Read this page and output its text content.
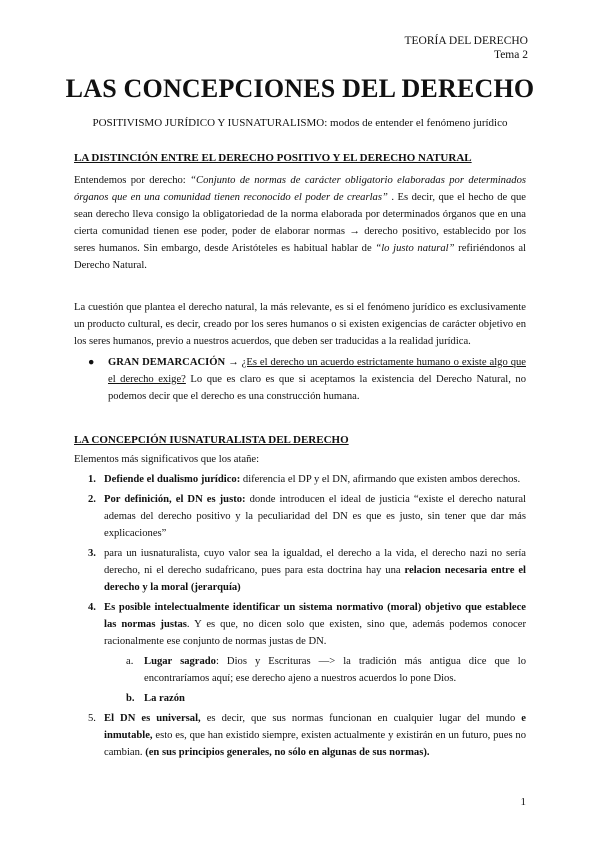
TEORÍA DEL DERECHO
Tema 2
LAS CONCEPCIONES DEL DERECHO
POSITIVISMO JURÍDICO Y IUSNATURALISMO: modos de entender el fenómeno jurídico

LA DISTINCIÓN ENTRE EL DERECHO POSITIVO Y EL DERECHO NATURAL

Entendemos por derecho: “Conjunto de normas de carácter obligatorio elaboradas por determinados órganos que en una comunidad tienen reconocido el poder de crearlas” . Es decir, que el hecho de que sean derecho lleva consigo la obligatoriedad de la norma elaborada por determinados órganos que en una cierta comunidad tienen ese poder, poder de elaborar normas → derecho positivo, establecido por los seres humanos. Sin embargo, desde Aristóteles es habitual hablar de “lo justo natural” refiriéndonos al Derecho Natural.

La cuestión que plantea el derecho natural, la más relevante, es si el fenómeno jurídico es exclusivamente un producto cultural, es decir, creado por los seres humanos o si existen exigencias de carácter objetivo en los seres humanos, previo a nuestros acuerdos, que deben ser traducidas a la realidad jurídica.

● GRAN DEMARCACIÓN → ¿Es el derecho un acuerdo estrictamente humano o existe algo que el derecho exige? Lo que es claro es que si aceptamos la existencia del Derecho Natural, no podemos decir que el derecho es una construcción humana.

LA CONCEPCIÓN IUSNATURALISTA DEL DERECHO

Elementos más significativos que los atañe:

1. Defiende el dualismo jurídico: diferencia el DP y el DN, afirmando que existen ambos derechos.

2. Por definición, el DN es justo: donde introducen el ideal de justicia “existe el derecho natural ademas del derecho positivo y la peculiaridad del DN es que es justo, sin tener que dar más explicaciones”

3. para un iusnaturalista, cuyo valor sea la igualdad, el derecho a la vida, el derecho nazi no sería derecho, ni el derecho sudafricano, pues para esta doctrina hay una relacion necesaria entre el derecho y la moral (jerarquía)

4. Es posible intelectualmente identificar un sistema normativo (moral) objetivo que establece las normas justas. Y es que, no dicen solo que existen, sino que, además podemos conocer racionalmente ese conjunto de normas justas de DN.

a. Lugar sagrado: Dios y Escrituras —> la tradición más antigua dice que lo encontraríamos aquí; ese derecho ajeno a nuestros acuerdos lo pone Dios.

b. La razón

5. El DN es universal, es decir, que sus normas funcionan en cualquier lugar del mundo e inmutable, esto es, que han existido siempre, existen actualmente y existirán en un futuro, pues no cambian. (en sus principios generales, no sólo en algunas de sus normas).

1
